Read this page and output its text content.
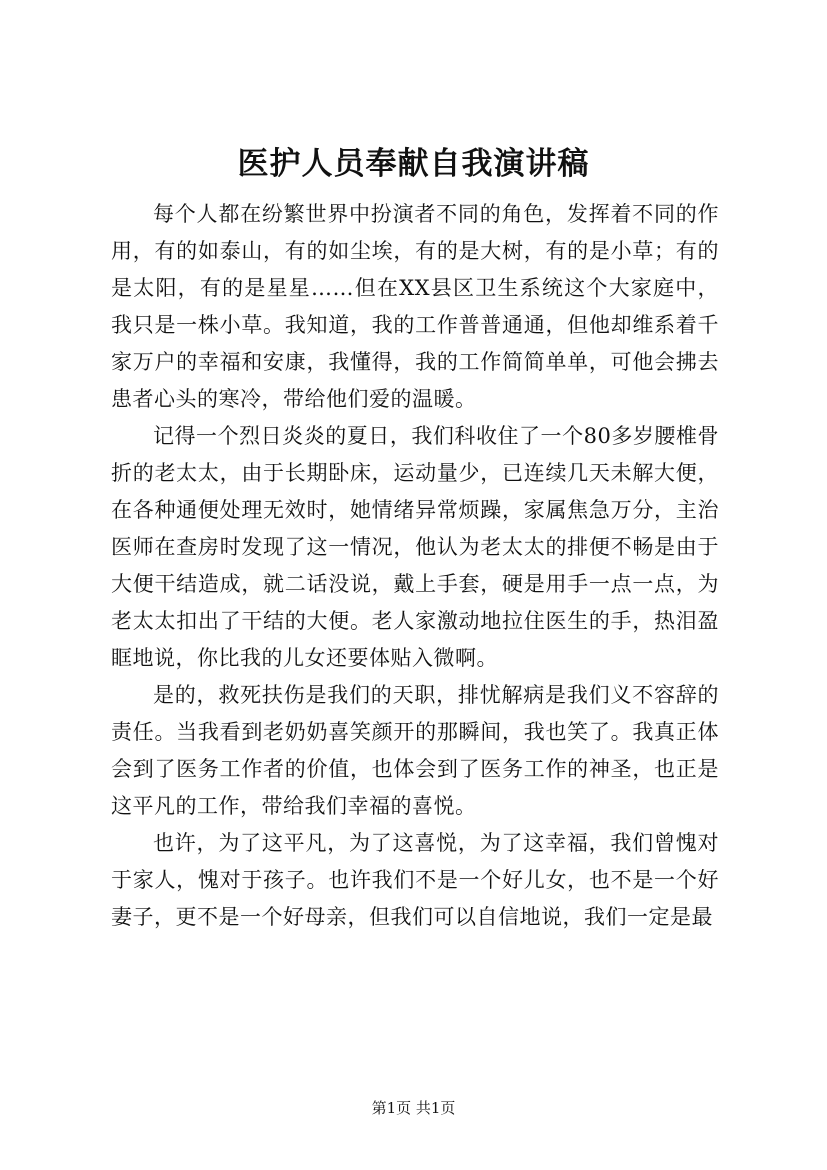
医护人员奉献自我演讲稿

每个人都在纷繁世界中扮演者不同的角色，发挥着不同的作用，有的如泰山，有的如尘埃，有的是大树，有的是小草；有的是太阳，有的是星星……但在XX县区卫生系统这个大家庭中，我只是一株小草。我知道，我的工作普普通通，但他却维系着千家万户的幸福和安康，我懂得，我的工作简简单单，可他会拂去患者心头的寒冷，带给他们爱的温暖。

记得一个烈日炎炎的夏日，我们科收住了一个80多岁腰椎骨折的老太太，由于长期卧床，运动量少，已连续几天未解大便，在各种通便处理无效时，她情绪异常烦躁，家属焦急万分，主治医师在查房时发现了这一情况，他认为老太太的排便不畅是由于大便干结造成，就二话没说，戴上手套，硬是用手一点一点，为老太太扣出了干结的大便。老人家激动地拉住医生的手，热泪盈眶地说，你比我的儿女还要体贴入微啊。

是的，救死扶伤是我们的天职，排忧解病是我们义不容辞的责任。当我看到老奶奶喜笑颜开的那瞬间，我也笑了。我真正体会到了医务工作者的价值，也体会到了医务工作的神圣，也正是这平凡的工作，带给我们幸福的喜悦。

也许，为了这平凡，为了这喜悦，为了这幸福，我们曾愧对于家人，愧对于孩子。也许我们不是一个好儿女，也不是一个好妻子，更不是一个好母亲，但我们可以自信地说，我们一定是最

第1页 共1页
